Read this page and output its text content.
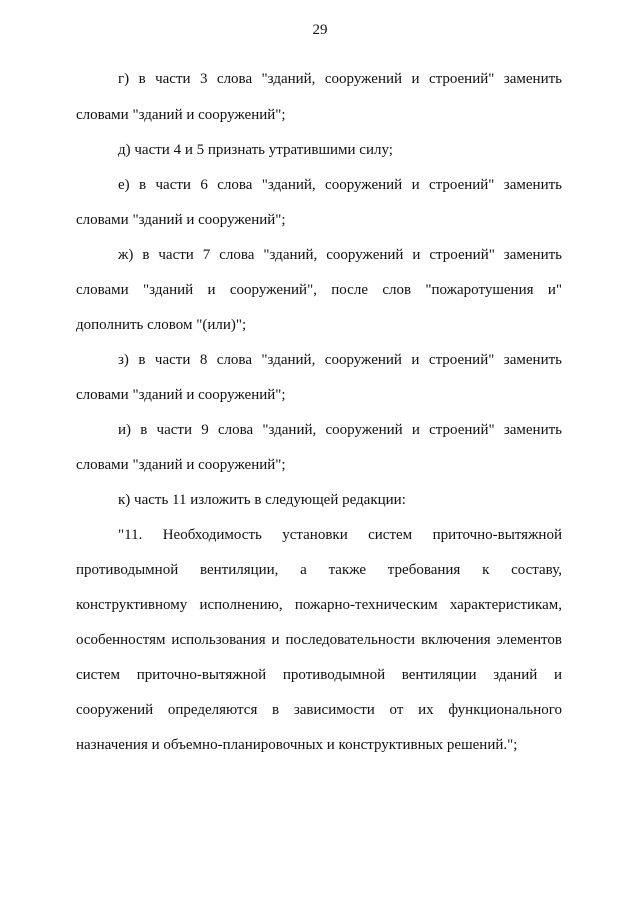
29
г) в части 3 слова "зданий, сооружений и строений" заменить
словами "зданий и сооружений";
д) части 4 и 5 признать утратившими силу;
е) в части 6 слова "зданий, сооружений и строений" заменить
словами "зданий и сооружений";
ж) в части 7 слова "зданий, сооружений и строений" заменить
словами "зданий и сооружений", после слов "пожаротушения и"
дополнить словом "(или)";
з) в части 8 слова "зданий, сооружений и строений" заменить
словами "зданий и сооружений";
и) в части 9 слова "зданий, сооружений и строений" заменить
словами "зданий и сооружений";
к) часть 11 изложить в следующей редакции:
"11. Необходимость установки систем приточно-вытяжной
противодымной вентиляции, а также требования к составу,
конструктивному исполнению, пожарно-техническим характеристикам,
особенностям использования и последовательности включения элементов
систем приточно-вытяжной противодымной вентиляции зданий и
сооружений определяются в зависимости от их функционального
назначения и объемно-планировочных и конструктивных решений.";
